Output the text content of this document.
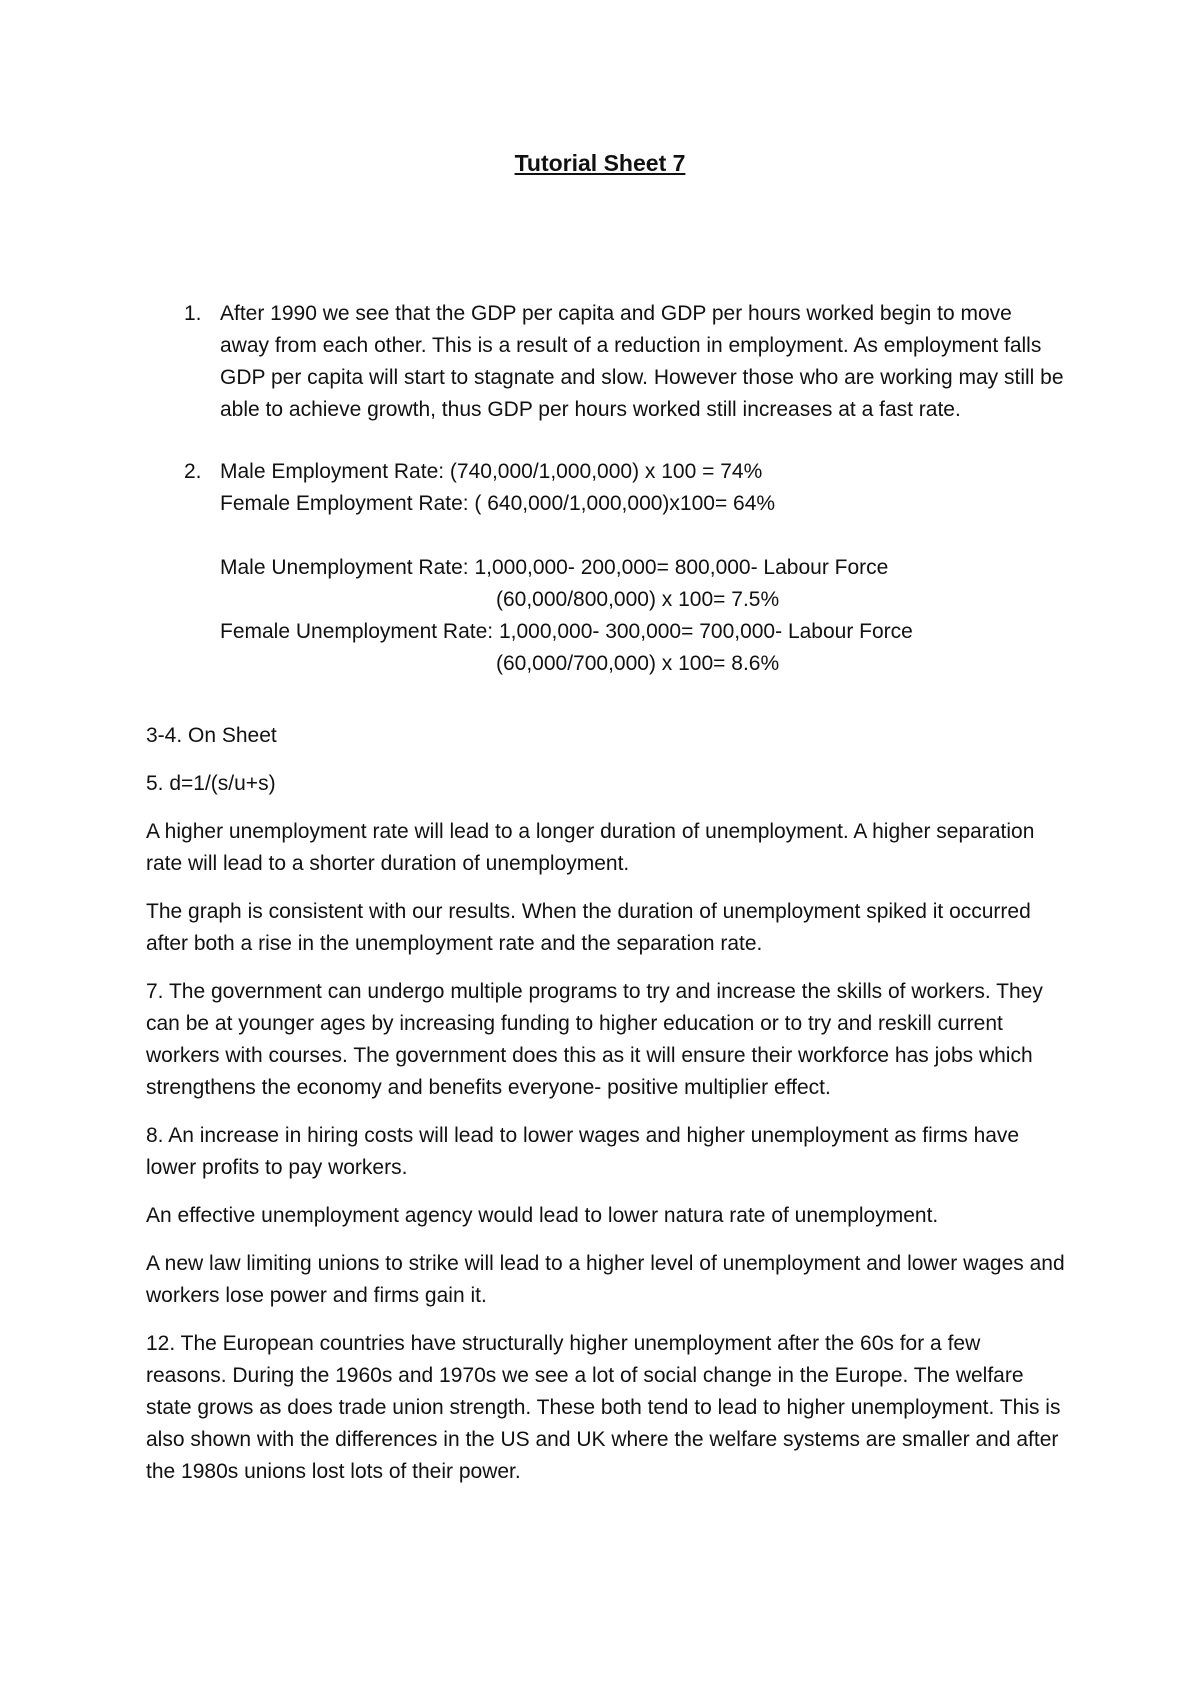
Tutorial Sheet 7
1. After 1990 we see that the GDP per capita and GDP per hours worked begin to move away from each other. This is a result of a reduction in employment. As employment falls GDP per capita will start to stagnate and slow. However those who are working may still be able to achieve growth, thus GDP per hours worked still increases at a fast rate.

2. Male Employment Rate: (740,000/1,000,000) x 100 = 74%

Female Employment Rate: ( 640,000/1,000,000)x100= 64%

Male Unemployment Rate: 1,000,000- 200,000= 800,000- Labour Force

(60,000/800,000) x 100= 7.5%

Female Unemployment Rate: 1,000,000- 300,000= 700,000- Labour Force

(60,000/700,000) x 100= 8.6%

3-4. On Sheet

5. d=1/(s/u+s)

A higher unemployment rate will lead to a longer duration of unemployment. A higher separation rate will lead to a shorter duration of unemployment.

The graph is consistent with our results. When the duration of unemployment spiked it occurred after both a rise in the unemployment rate and the separation rate.

7. The government can undergo multiple programs to try and increase the skills of workers. They can be at younger ages by increasing funding to higher education or to try and reskill current workers with courses. The government does this as it will ensure their workforce has jobs which strengthens the economy and benefits everyone- positive multiplier effect.

8. An increase in hiring costs will lead to lower wages and higher unemployment as firms have lower profits to pay workers.

An effective unemployment agency would lead to lower natura rate of unemployment.

A new law limiting unions to strike will lead to a higher level of unemployment and lower wages and workers lose power and firms gain it.

12. The European countries have structurally higher unemployment after the 60s for a few reasons. During the 1960s and 1970s we see a lot of social change in the Europe. The welfare state grows as does trade union strength. These both tend to lead to higher unemployment. This is also shown with the differences in the US and UK where the welfare systems are smaller and after the 1980s unions lost lots of their power.
